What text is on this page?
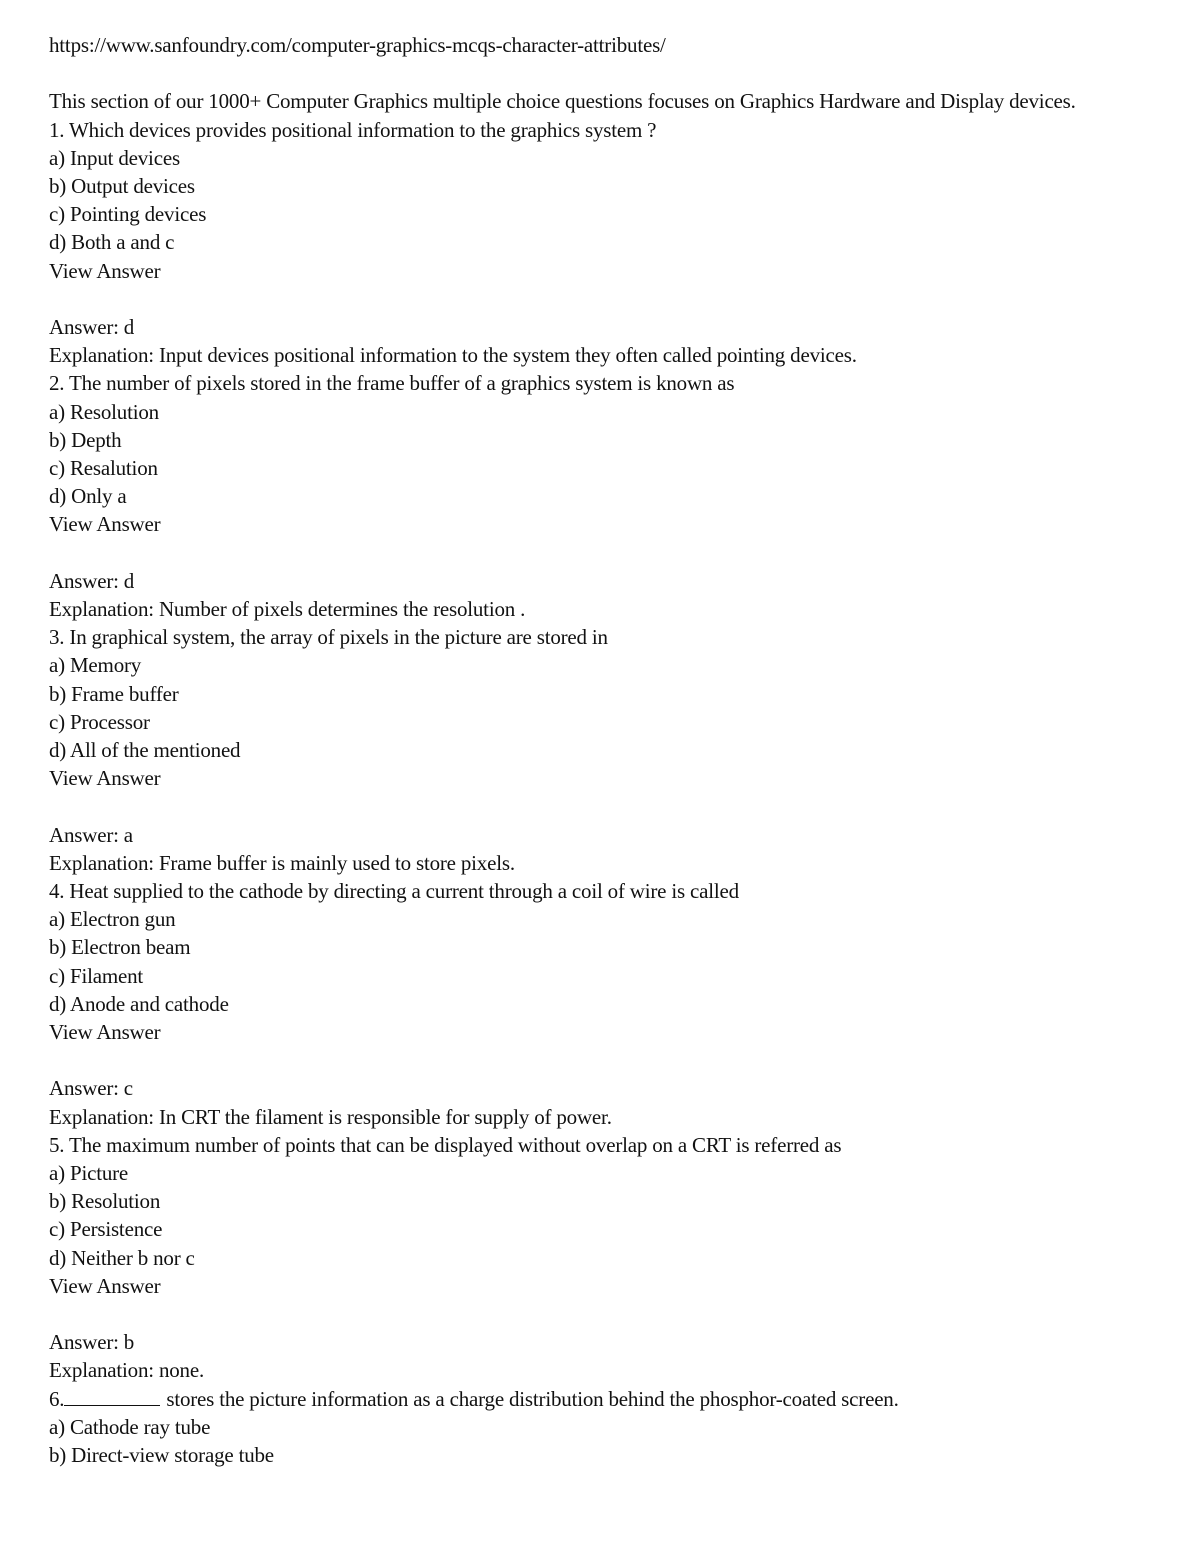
https://www.sanfoundry.com/computer-graphics-mcqs-character-attributes/
This section of our 1000+ Computer Graphics multiple choice questions focuses on Graphics Hardware and Display devices.
1. Which devices provides positional information to the graphics system ?
a) Input devices
b) Output devices
c) Pointing devices
d) Both a and c
View Answer
Answer: d
Explanation: Input devices positional information to the system they often called pointing devices.
2. The number of pixels stored in the frame buffer of a graphics system is known as
a) Resolution
b) Depth
c) Resalution
d) Only a
View Answer
Answer: d
Explanation: Number of pixels determines the resolution .
3. In graphical system, the array of pixels in the picture are stored in
a) Memory
b) Frame buffer
c) Processor
d) All of the mentioned
View Answer
Answer: a
Explanation: Frame buffer is mainly used to store pixels.
4. Heat supplied to the cathode by directing a current through a coil of wire is called
a) Electron gun
b) Electron beam
c) Filament
d) Anode and cathode
View Answer
Answer: c
Explanation: In CRT the filament is responsible for supply of power.
5. The maximum number of points that can be displayed without overlap on a CRT is referred as
a) Picture
b) Resolution
c) Persistence
d) Neither b nor c
View Answer
Answer: b
Explanation: none.
6.	stores the picture information as a charge distribution behind the phosphor-coated screen.
a) Cathode ray tube
b) Direct-view storage tube
